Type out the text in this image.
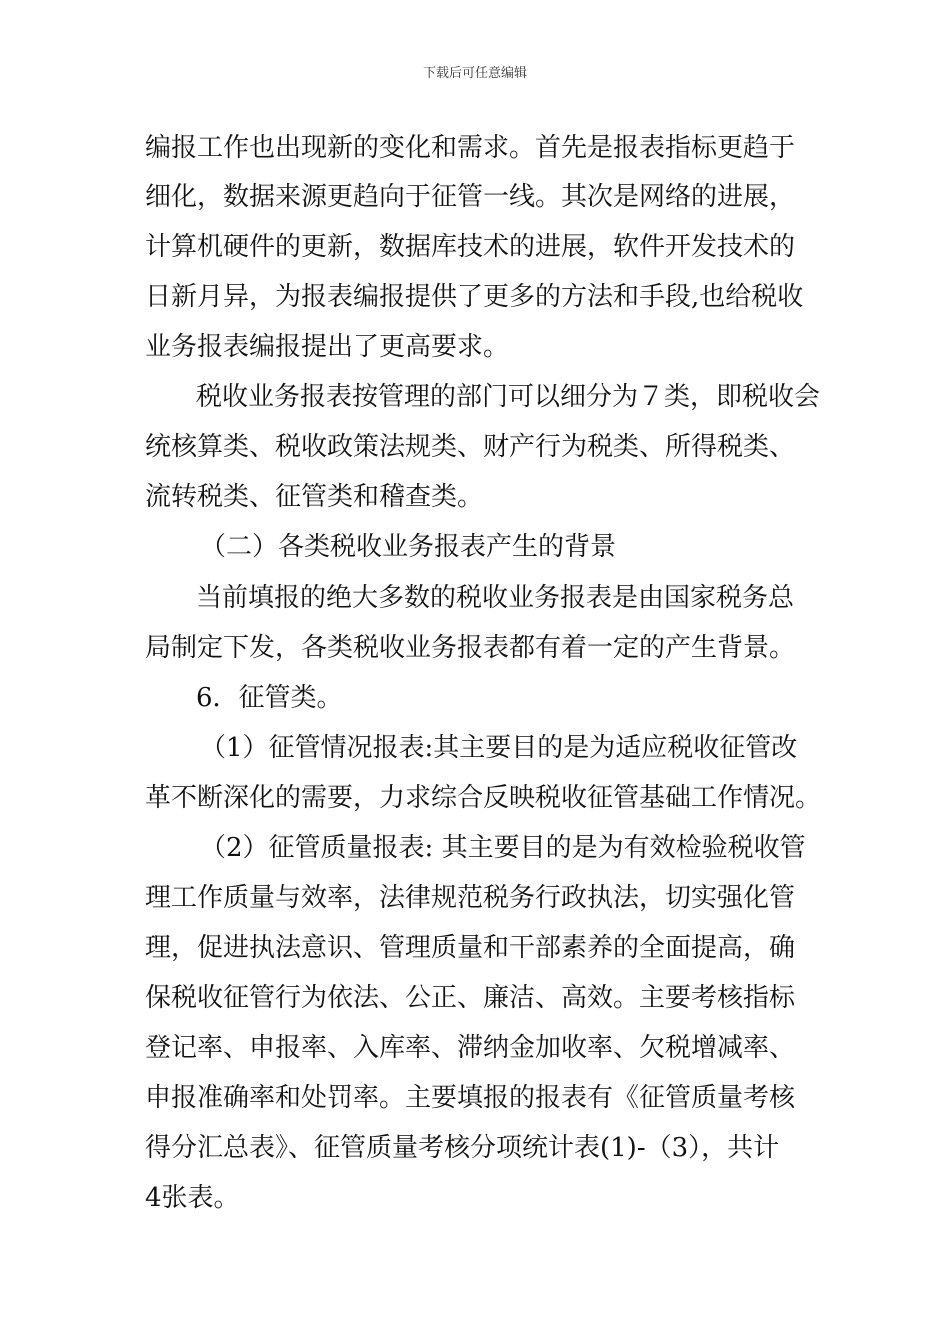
下载后可任意编辑
编报工作也出现新的变化和需求。首先是报表指标更趋于
细化，数据来源更趋向于征管一线。其次是网络的进展，
计算机硬件的更新，数据库技术的进展，软件开发技术的
日新月异，为报表编报提供了更多的方法和手段,也给税收
业务报表编报提出了更高要求。
税收业务报表按管理的部门可以细分为７类，即税收会
统核算类、税收政策法规类、财产行为税类、所得税类、
流转税类、征管类和稽查类。
（二）各类税收业务报表产生的背景
当前填报的绝大多数的税收业务报表是由国家税务总
局制定下发，各类税收业务报表都有着一定的产生背景。
6．征管类。
（1）征管情况报表:其主要目的是为适应税收征管改
革不断深化的需要，力求综合反映税收征管基础工作情况。
（2）征管质量报表: 其主要目的是为有效检验税收管
理工作质量与效率，法律规范税务行政执法，切实强化管
理，促进执法意识、管理质量和干部素养的全面提高，确
保税收征管行为依法、公正、廉洁、高效。主要考核指标
登记率、申报率、入库率、滞纳金加收率、欠税增减率、
申报准确率和处罚率。主要填报的报表有《征管质量考核
得分汇总表》、征管质量考核分项统计表(1)-（3），共计
4张表。
